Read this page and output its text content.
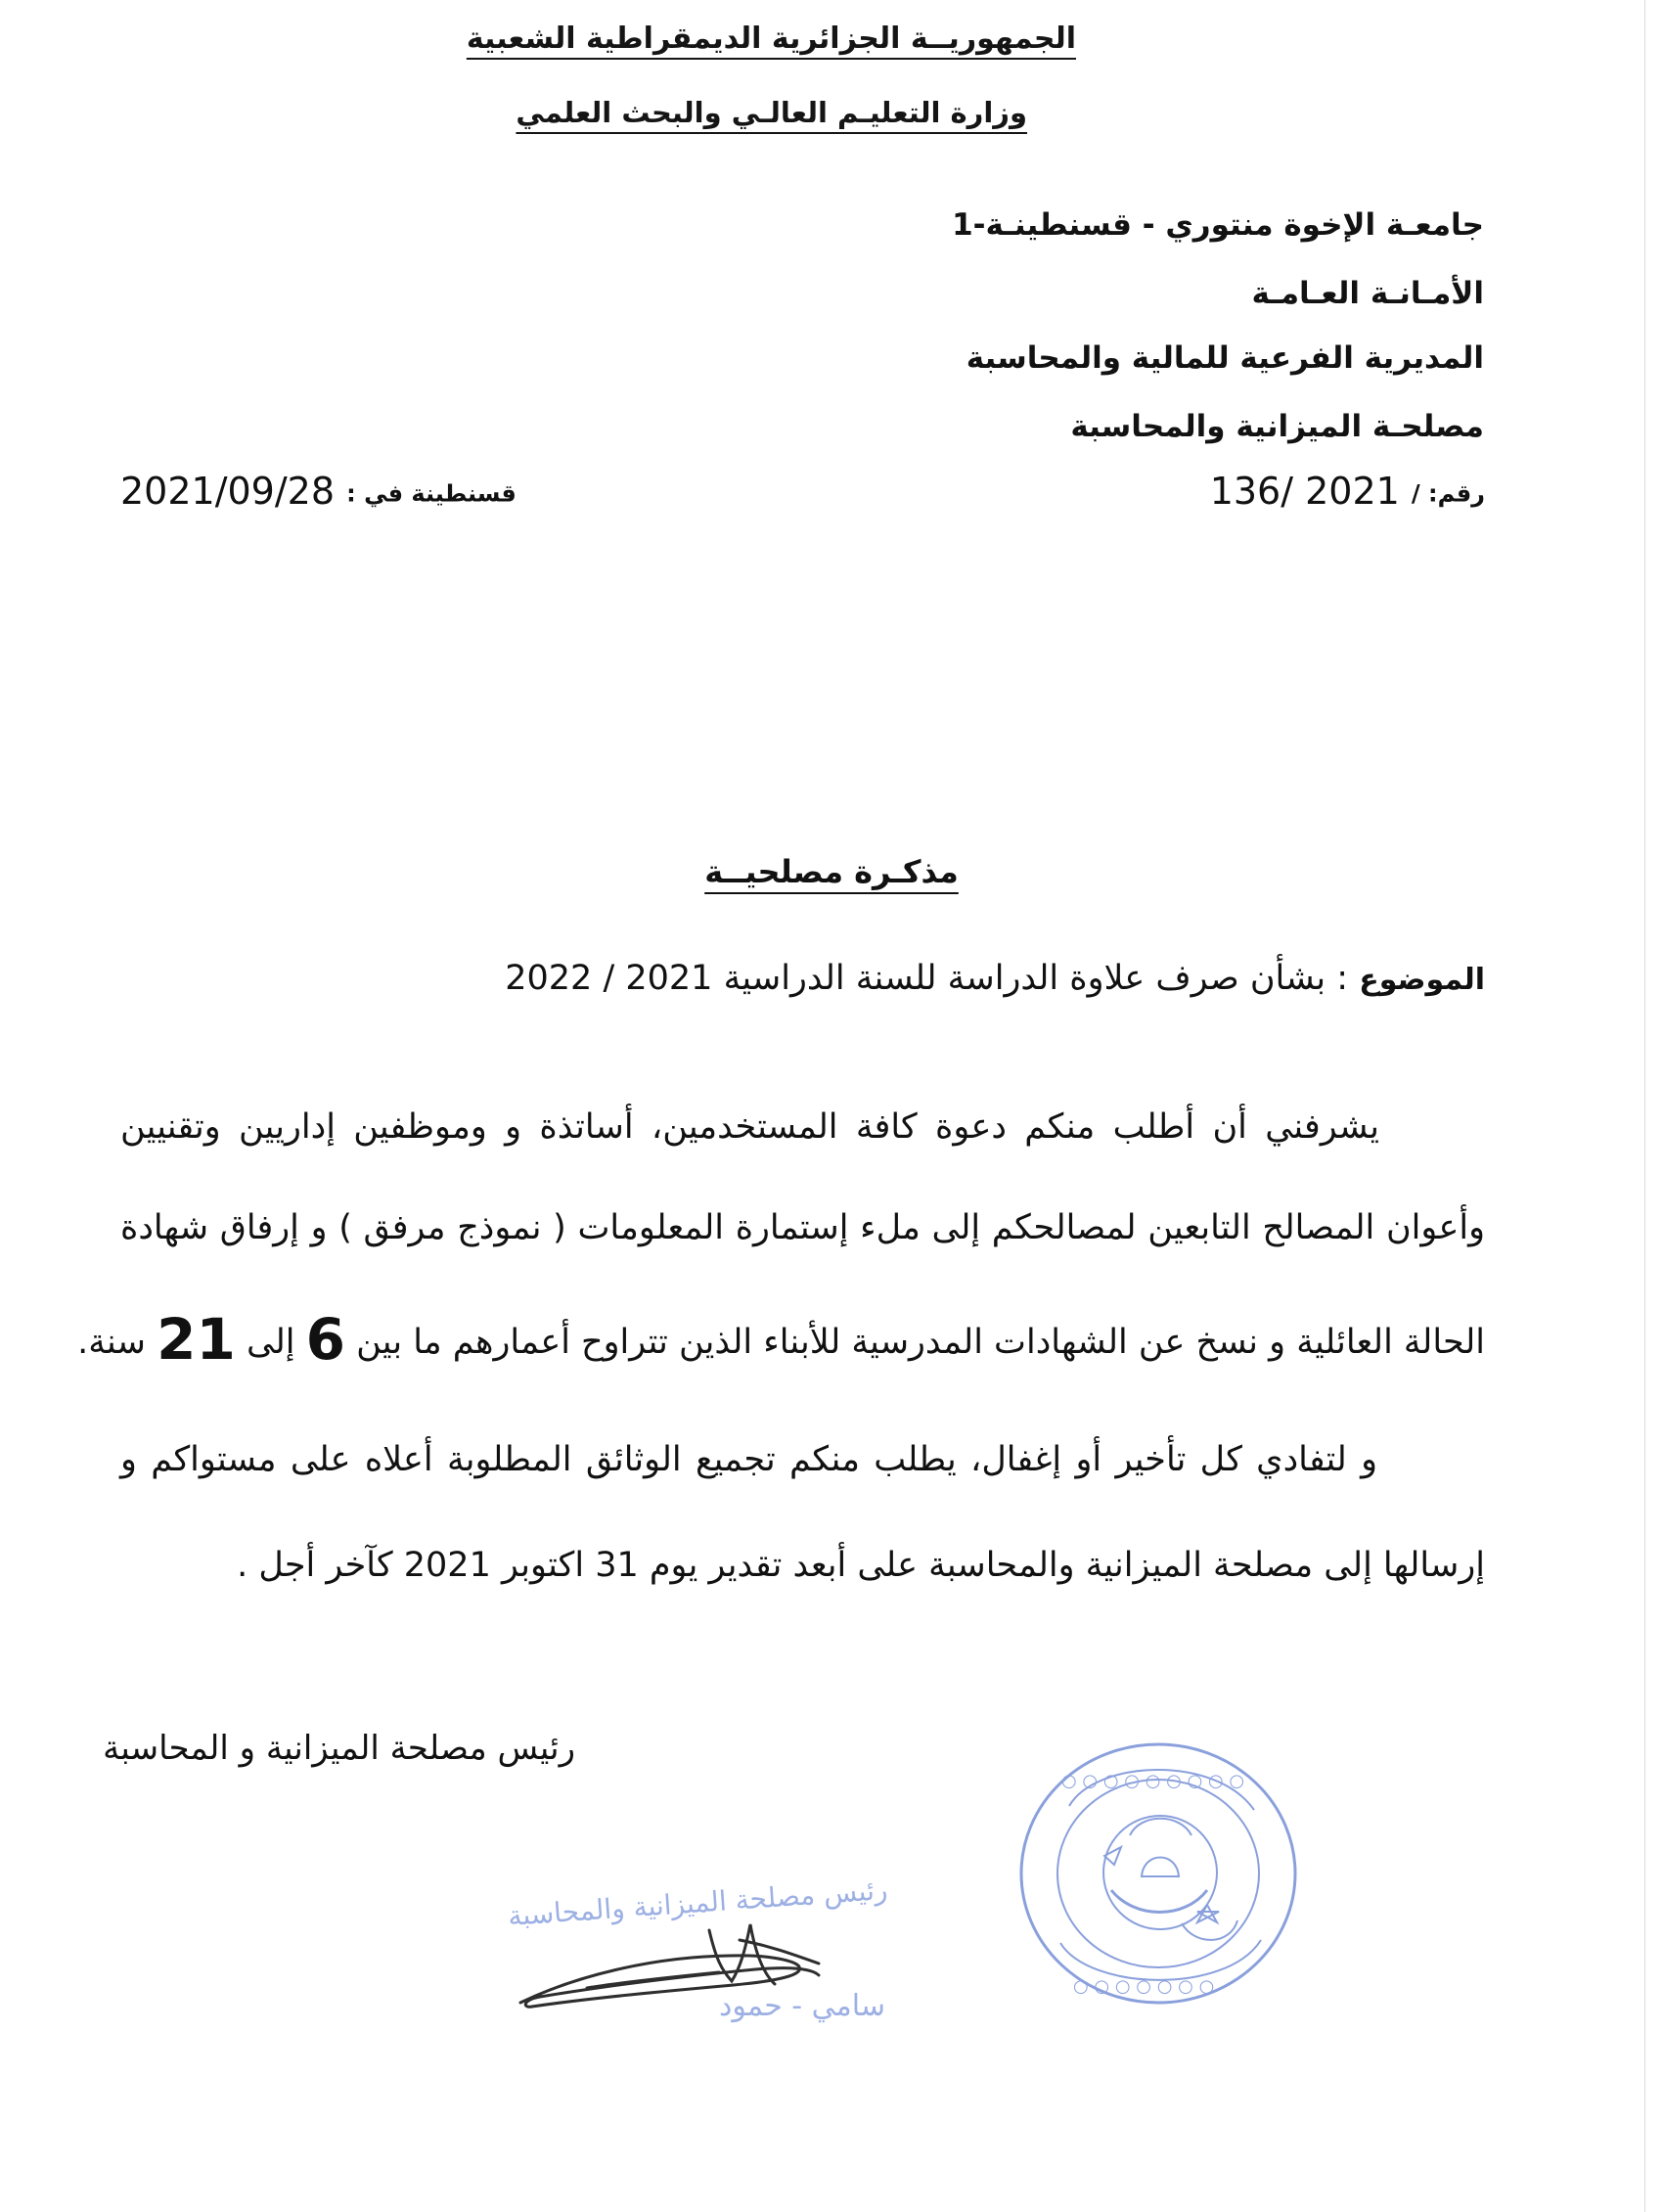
الجمهوريــة الجزائرية الديمقراطية الشعبية
وزارة التعليـم العالـي والبحث العلمي
جامعـة الإخوة منتوري - قسنطينـة-1
الأمـانـة العـامـة
المديرية الفرعية للمالية والمحاسبة
مصلحـة الميزانية والمحاسبة
رقم: / 2021 /136
قسنطينة في : 2021/09/28
مذكـرة مصلحيــة
الموضوع : بشأن صرف علاوة الدراسة للسنة الدراسية 2021 / 2022
يشرفني أن أطلب منكم دعوة كافة المستخدمين، أساتذة و وموظفين إداريين وتقنيين
وأعوان المصالح التابعين لمصالحكم إلى ملء إستمارة المعلومات ( نموذج مرفق ) و إرفاق شهادة
الحالة العائلية و نسخ عن الشهادات المدرسية للأبناء الذين تتراوح أعمارهم ما بين 6 إلى 21 سنة.
و لتفادي كل تأخير أو إغفال، يطلب منكم تجميع الوثائق المطلوبة أعلاه على مستواكم و
إرسالها إلى مصلحة الميزانية والمحاسبة على أبعد تقدير يوم 31 اكتوبر 2021 كآخر أجل .
رئيس مصلحة الميزانية و المحاسبة
○ ○ ○ ○ ○ ○ ○ ○ ○
○ ○ ○ ○ ○ ○ ○
رئيس مصلحة الميزانية والمحاسبة
سامي - حمود
